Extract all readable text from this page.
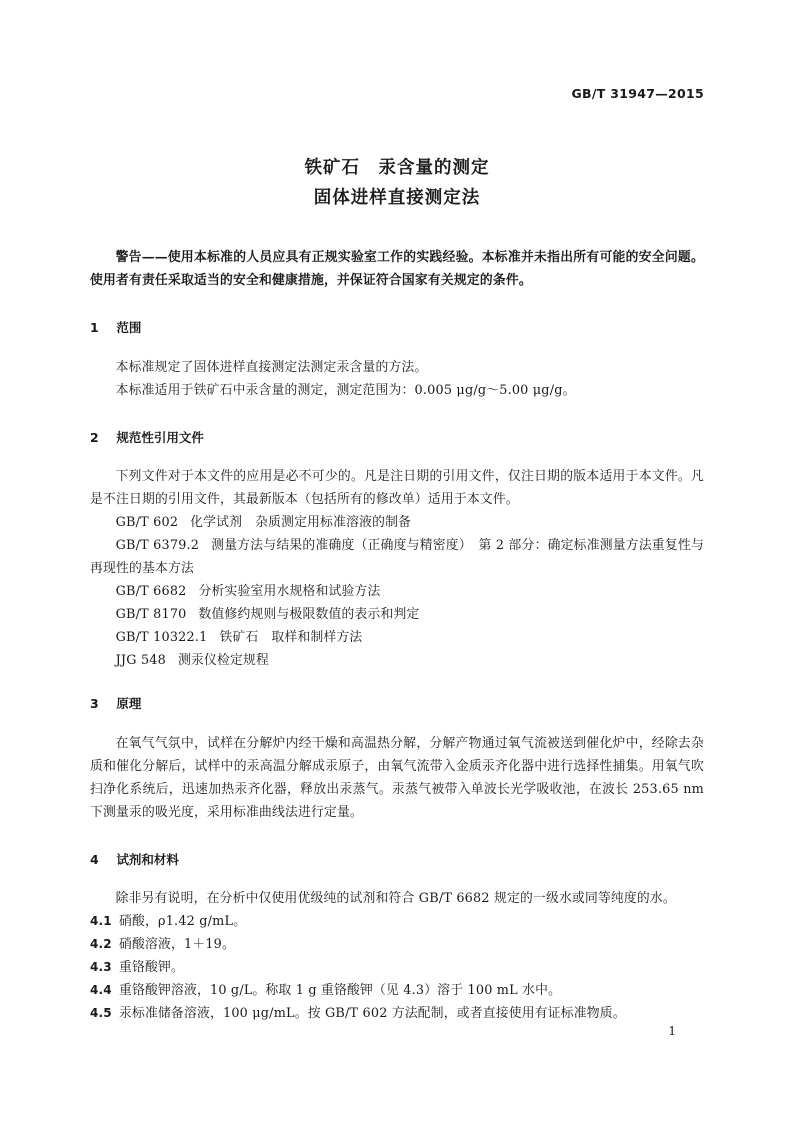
GB/T 31947—2015
铁矿石　汞含量的测定
固体进样直接测定法

警告——使用本标准的人员应具有正规实验室工作的实践经验。本标准并未指出所有可能的安全问题。使用者有责任采取适当的安全和健康措施，并保证符合国家有关规定的条件。

1 范围

本标准规定了固体进样直接测定法测定汞含量的方法。

本标准适用于铁矿石中汞含量的测定，测定范围为：0.005 μg/g～5.00 μg/g。

2 规范性引用文件

下列文件对于本文件的应用是必不可少的。凡是注日期的引用文件，仅注日期的版本适用于本文件。凡是不注日期的引用文件，其最新版本（包括所有的修改单）适用于本文件。

GB/T 602 化学试剂　杂质测定用标准溶液的制备

GB/T 6379.2 测量方法与结果的准确度（正确度与精密度）　第 2 部分：确定标准测量方法重复性与再现性的基本方法

GB/T 6682 分析实验室用水规格和试验方法

GB/T 8170 数值修约规则与极限数值的表示和判定

GB/T 10322.1 铁矿石　取样和制样方法

JJG 548 测汞仪检定规程

3 原理

在氧气气氛中，试样在分解炉内经干燥和高温热分解，分解产物通过氧气流被送到催化炉中，经除去杂质和催化分解后，试样中的汞高温分解成汞原子，由氧气流带入金质汞齐化器中进行选择性捕集。用氧气吹扫净化系统后，迅速加热汞齐化器，释放出汞蒸气。汞蒸气被带入单波长光学吸收池，在波长 253.65 nm 下测量汞的吸光度，采用标准曲线法进行定量。

4 试剂和材料

除非另有说明，在分析中仅使用优级纯的试剂和符合 GB/T 6682 规定的一级水或同等纯度的水。

4.1 硝酸，ρ1.42 g/mL。
4.2 硝酸溶液，1＋19。
4.3 重铬酸钾。
4.4 重铬酸钾溶液，10 g/L。称取 1 g 重铬酸钾（见 4.3）溶于 100 mL 水中。
4.5 汞标准储备溶液，100 μg/mL。按 GB/T 602 方法配制，或者直接使用有证标准物质。
1
